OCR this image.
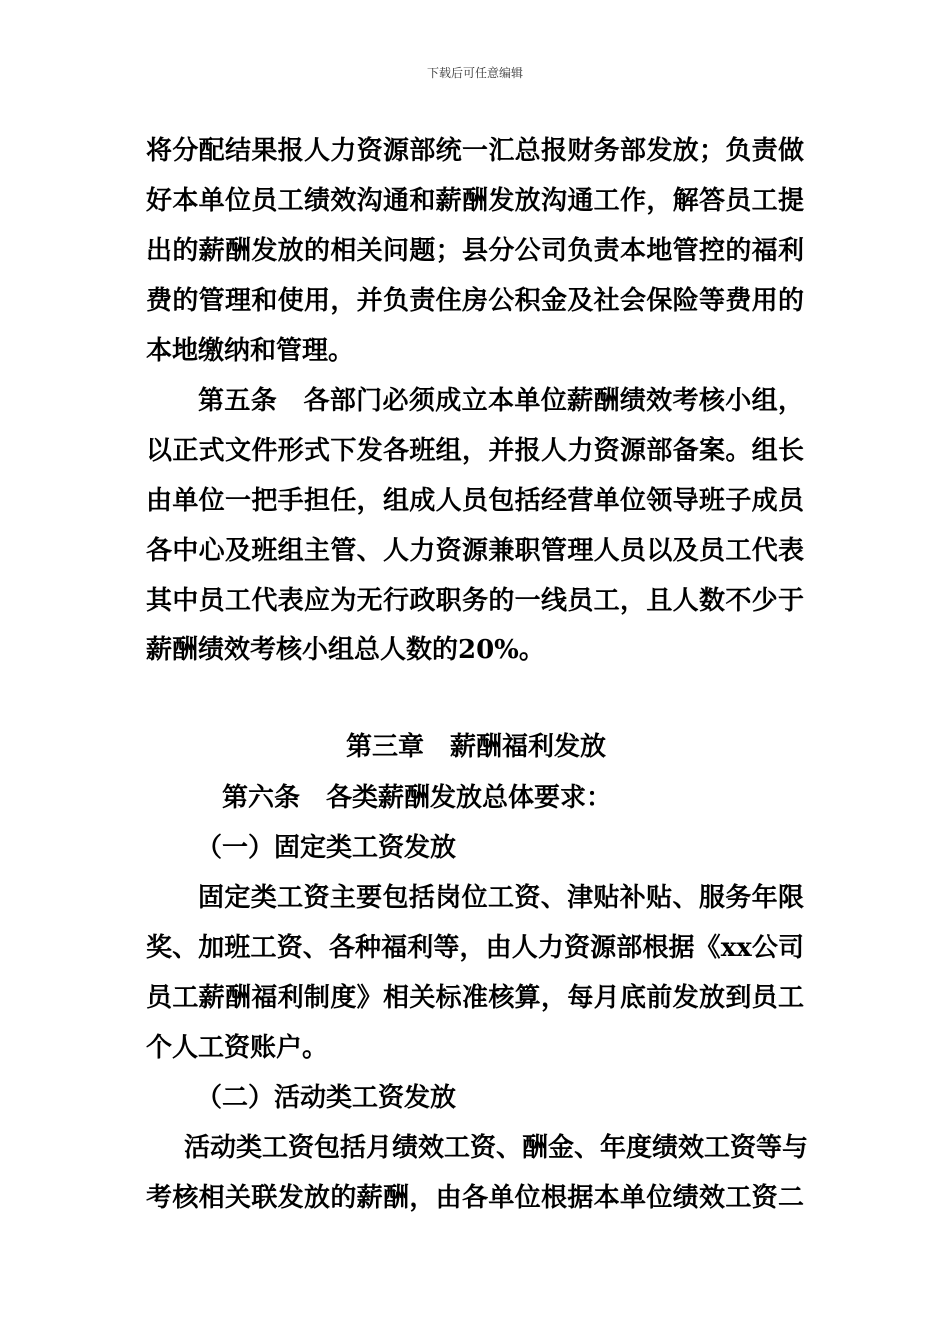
下载后可任意编辑
将分配结果报人力资源部统一汇总报财务部发放；负责做
好本单位员工绩效沟通和薪酬发放沟通工作，解答员工提
出的薪酬发放的相关问题；县分公司负责本地管控的福利
费的管理和使用，并负责住房公积金及社会保险等费用的
本地缴纳和管理。
第五条　各部门必须成立本单位薪酬绩效考核小组，
以正式文件形式下发各班组，并报人力资源部备案。组长
由单位一把手担任，组成人员包括经营单位领导班子成员
各中心及班组主管、人力资源兼职管理人员以及员工代表
其中员工代表应为无行政职务的一线员工，且人数不少于
薪酬绩效考核小组总人数的20%。
第三章　薪酬福利发放
第六条　各类薪酬发放总体要求：
（一）固定类工资发放
固定类工资主要包括岗位工资、津贴补贴、服务年限
奖、加班工资、各种福利等，由人力资源部根据《xx公司
员工薪酬福利制度》相关标准核算，每月底前发放到员工
个人工资账户。
（二）活动类工资发放
活动类工资包括月绩效工资、酬金、年度绩效工资等与
考核相关联发放的薪酬，由各单位根据本单位绩效工资二
